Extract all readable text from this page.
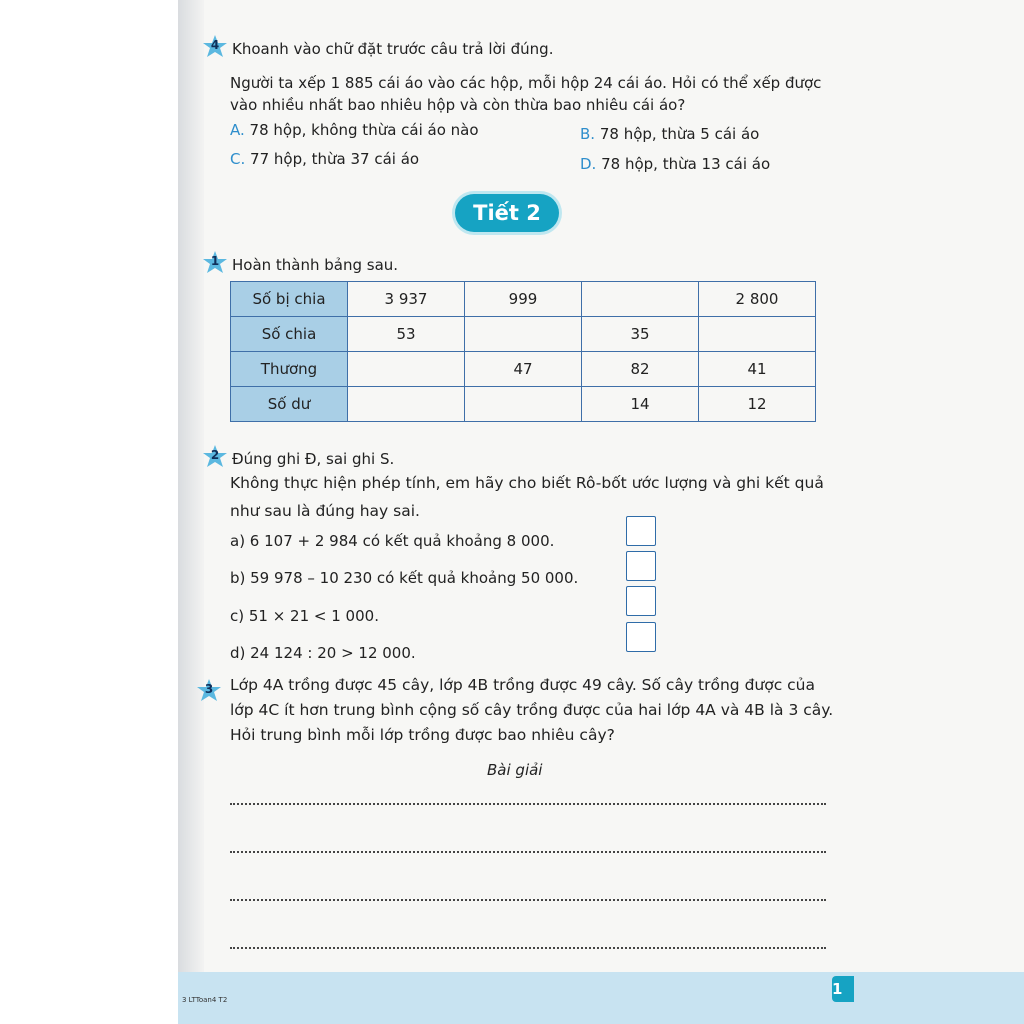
4 Khoanh vào chữ đặt trước câu trả lời đúng.
Người ta xếp 1 885 cái áo vào các hộp, mỗi hộp 24 cái áo. Hỏi có thể xếp được
vào nhiều nhất bao nhiêu hộp và còn thừa bao nhiêu cái áo?
A. 78 hộp, không thừa cái áo nào	B. 78 hộp, thừa 5 cái áo
C. 77 hộp, thừa 37 cái áo	D. 78 hộp, thừa 13 cái áo
Tiết 2
1 Hoàn thành bảng sau.
Số bị chia	3 937	999		2 800
Số chia	53		35	
Thương		47	82	41
Số dư			14	12
2 Đúng ghi Đ, sai ghi S.
Không thực hiện phép tính, em hãy cho biết Rô-bốt ước lượng và ghi kết quả
như sau là đúng hay sai.
a) 6 107 + 2 984 có kết quả khoảng 8 000.
b) 59 978 – 10 230 có kết quả khoảng 50 000.
c) 51 × 21 < 1 000.
d) 24 124 : 20 > 12 000.
3	Lớp 4A trồng được 45 cây, lớp 4B trồng được 49 cây. Số cây trồng được của
lớp 4C ít hơn trung bình cộng số cây trồng được của hai lớp 4A và 4B là 3 cây.
Hỏi trung bình mỗi lớp trồng được bao nhiêu cây?
Bài giải
3 LTToan4 T2
1
